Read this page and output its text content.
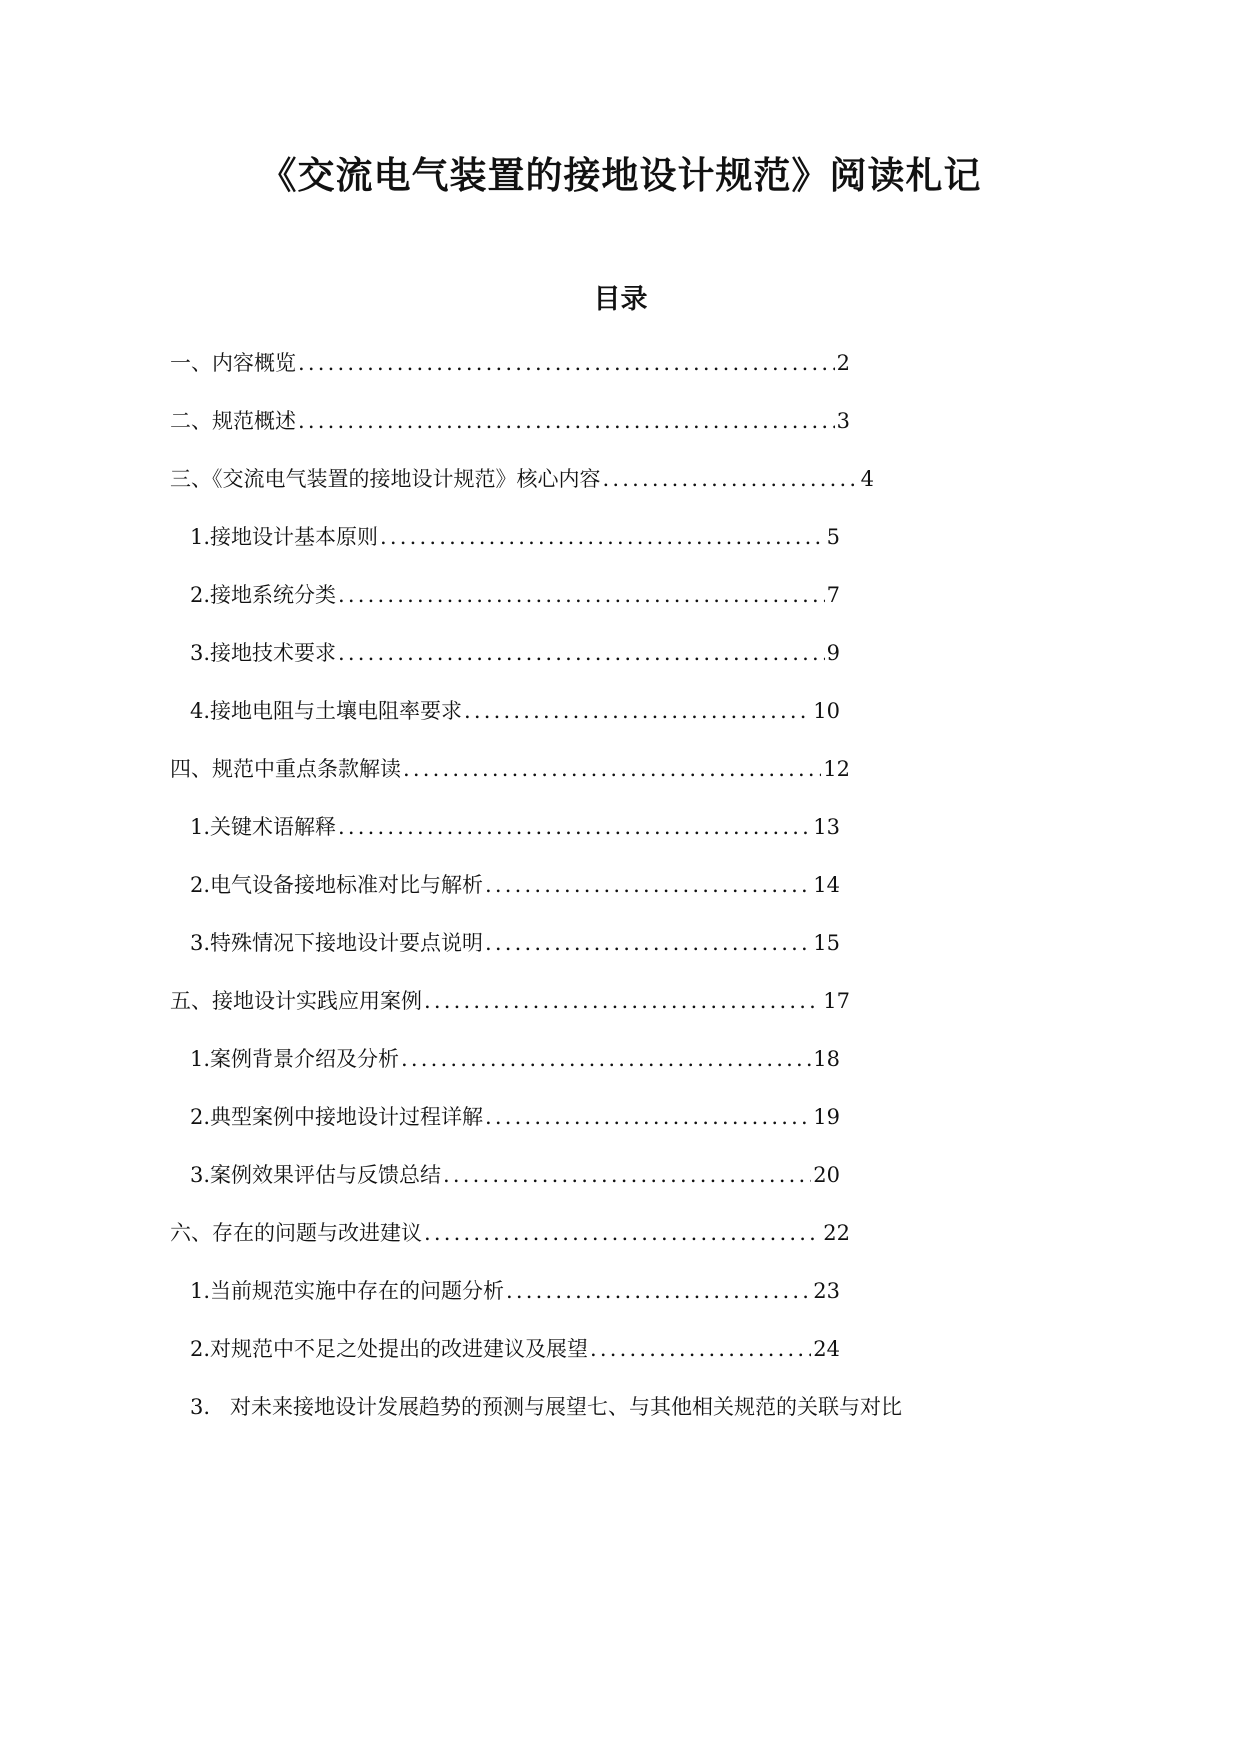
《交流电气装置的接地设计规范》阅读札记
目录
一、内容概览 .....	2
二、规范概述 .....	3
三、《交流电气装置的接地设计规范》核心内容 .....	4
1. 接地设计基本原则 .....	5
2. 接地系统分类 .....	7
3. 接地技术要求 .....	9
4. 接地电阻与土壤电阻率要求 .....	10
四、规范中重点条款解读 .....	12
1. 关键术语解释 .....	13
2. 电气设备接地标准对比与解析 .....	14
3. 特殊情况下接地设计要点说明 .....	15
五、接地设计实践应用案例 .....	17
1. 案例背景介绍及分析 .....	18
2. 典型案例中接地设计过程详解 .....	19
3. 案例效果评估与反馈总结 .....	20
六、存在的问题与改进建议 .....	22
1. 当前规范实施中存在的问题分析 .....	23
2. 对规范中不足之处提出的改进建议及展望 .....	24
3. 对未来接地设计发展趋势的预测与展望七、与其他相关规范的关联与对比
